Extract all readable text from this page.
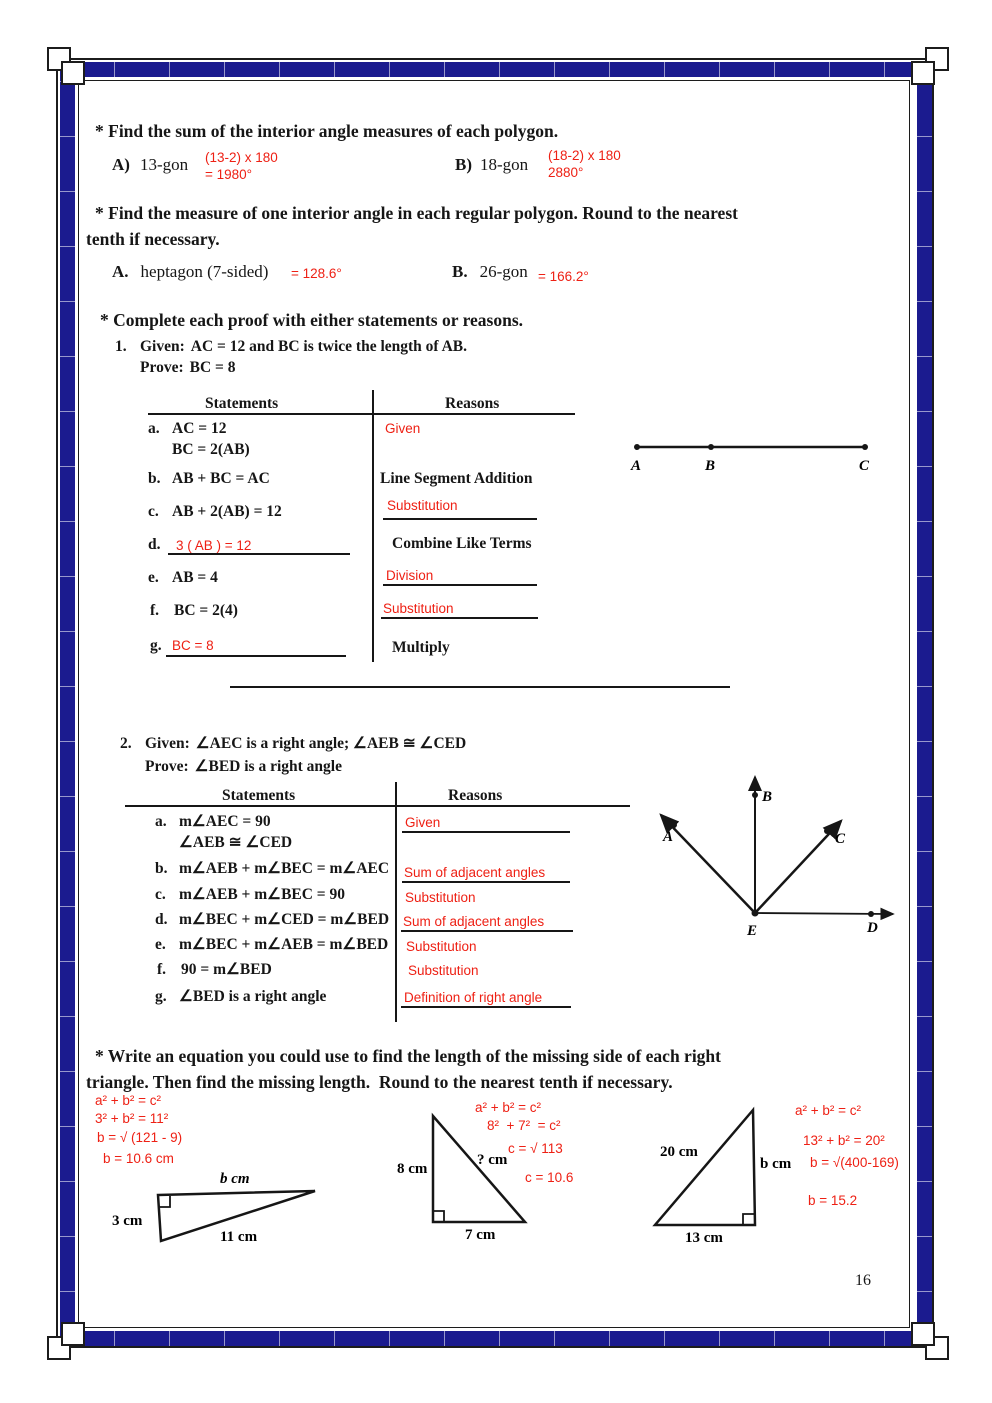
* Find the sum of the interior angle measures of each polygon.
A) 13-gon (13-2) x 180
= 1980°
B) 18-gon (18-2) x 180
2880°
* Find the measure of one interior angle in each regular polygon. Round to the nearest
tenth if necessary.
A. heptagon (7-sided) = 128.6°	B. 26-gon = 166.2°
* Complete each proof with either statements or reasons.
1. Given: AC = 12 and BC is twice the length of AB.
Prove: BC = 8
Statements	Reasons
a. AC = 12
BC = 2(AB)
Given
b. AB + BC = AC	Line Segment Addition
c. AB + 2(AB) = 12	Substitution
d.	3 ( AB ) = 12	Combine Like Terms
e. AB = 4	Division
f. BC = 2(4)	Substitution
g. BC = 8	Multiply
A	B	C
2. Given: ∠AEC is a right angle; ∠AEB ≅ ∠CED
Prove: ∠BED is a right angle
Statements	Reasons
a. m∠AEC = 90
∠AEB ≅ ∠CED
Given
b. m∠AEB + m∠BEC = m∠AEC Sum of adjacent angles
c. m∠AEB + m∠BEC = 90	Substitution
d. m∠BEC + m∠CED = m∠BED Sum of adjacent angles
e. m∠BEC + m∠AEB = m∠BED Substitution
f. 90 = m∠BED	Substitution
g. ∠BED is a right angle	Definition of right angle
B
A	C
D
E
* Write an equation you could use to find the length of the missing side of each right
triangle. Then find the missing length.  Round to the nearest tenth if necessary.
a² + b² = c²
3² + b² = 11²
b = √ (121 - 9)
b = 10.6 cm
b cm
3 cm
11 cm
a² + b² = c²
8²  + 7²  = c²
c = √ 113
c = 10.6
8 cm
7 cm
? cm
a² + b² = c²
13² + b² = 20²
b = √(400-169)
b = 15.2
20 cm
b cm
13 cm
16
